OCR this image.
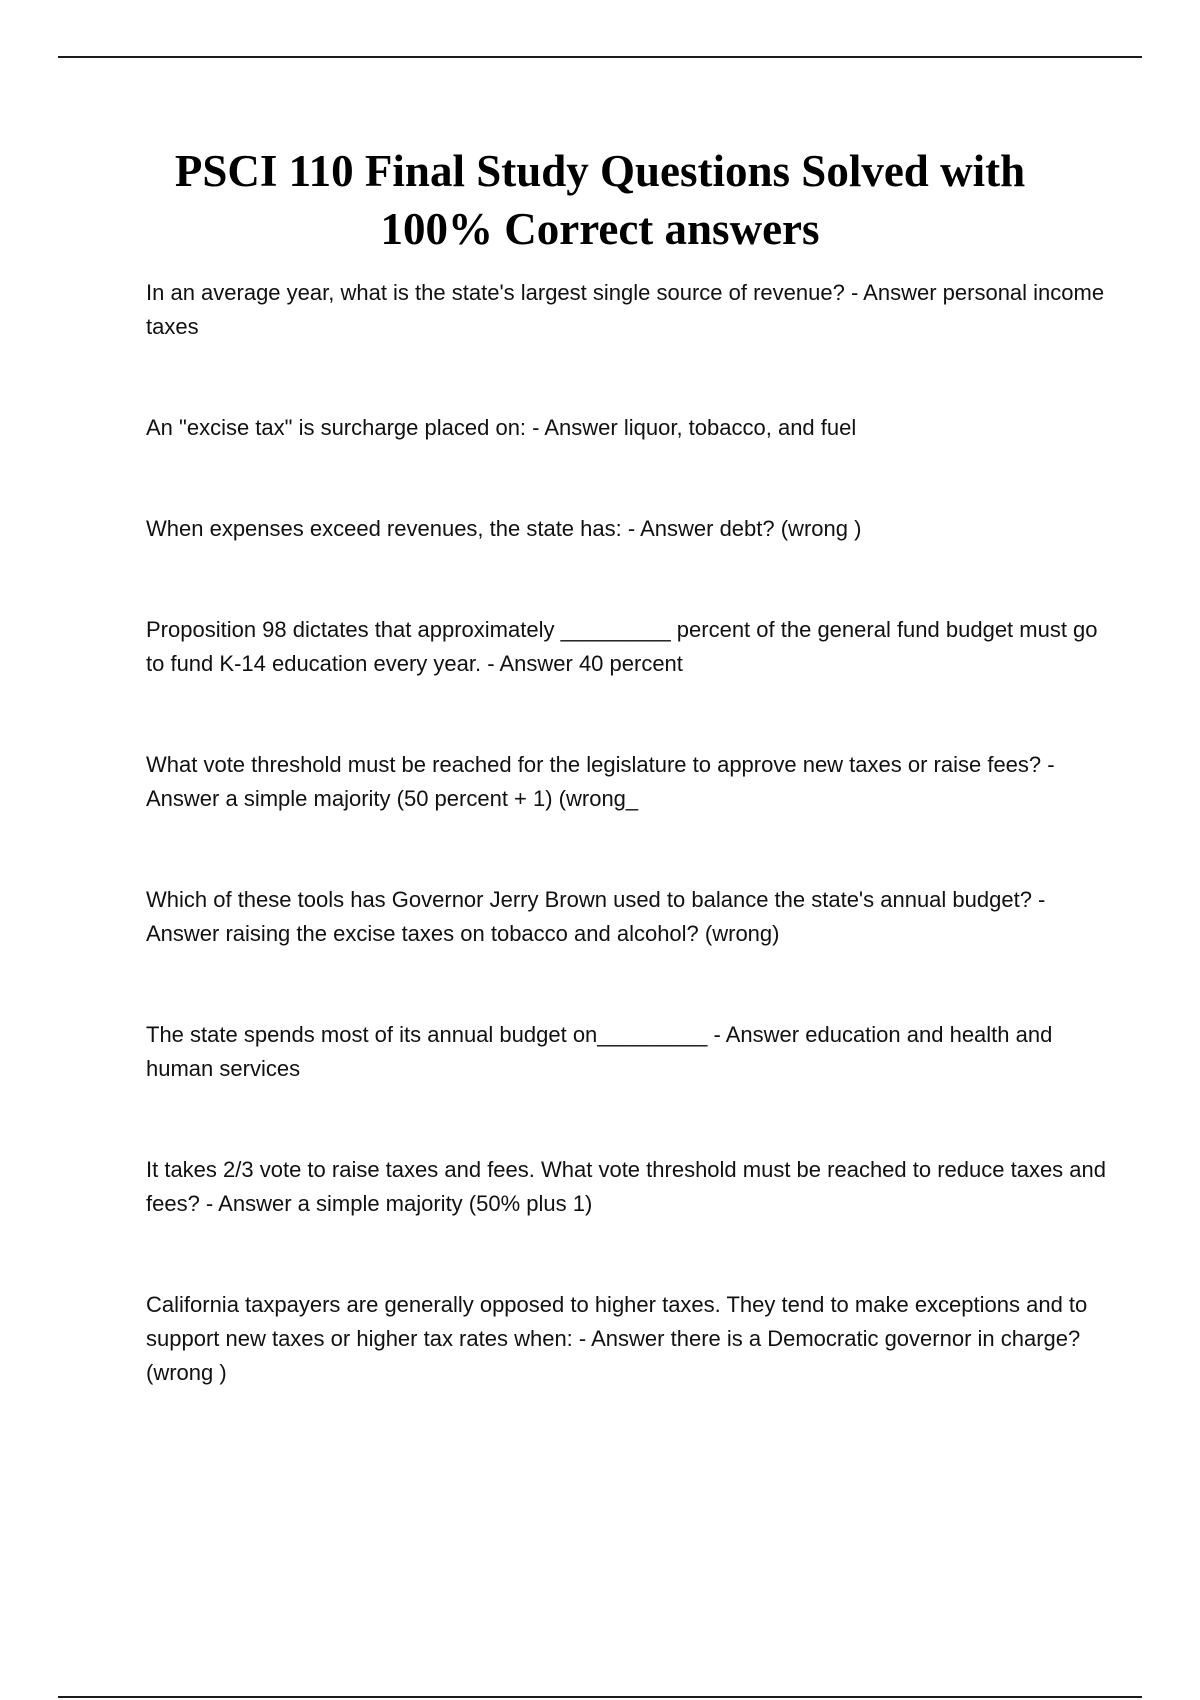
PSCI 110 Final Study Questions Solved with
100% Correct answers
In an average year, what is the state's largest single source of revenue? - Answer personal income taxes
An "excise tax" is surcharge placed on: - Answer liquor, tobacco, and fuel
When expenses exceed revenues, the state has: - Answer debt? (wrong )
Proposition 98 dictates that approximately _________ percent of the general fund budget must go to fund K-14 education every year. - Answer 40 percent
What vote threshold must be reached for the legislature to approve new taxes or raise fees? - Answer a simple majority (50 percent + 1) (wrong_
Which of these tools has Governor Jerry Brown used to balance the state's annual budget? - Answer raising the excise taxes on tobacco and alcohol? (wrong)
The state spends most of its annual budget on_________ - Answer education and health and human services
It takes 2/3 vote to raise taxes and fees. What vote threshold must be reached to reduce taxes and fees? - Answer a simple majority (50% plus 1)
California taxpayers are generally opposed to higher taxes. They tend to make exceptions and to support new taxes or higher tax rates when: - Answer there is a Democratic governor in charge? (wrong )
